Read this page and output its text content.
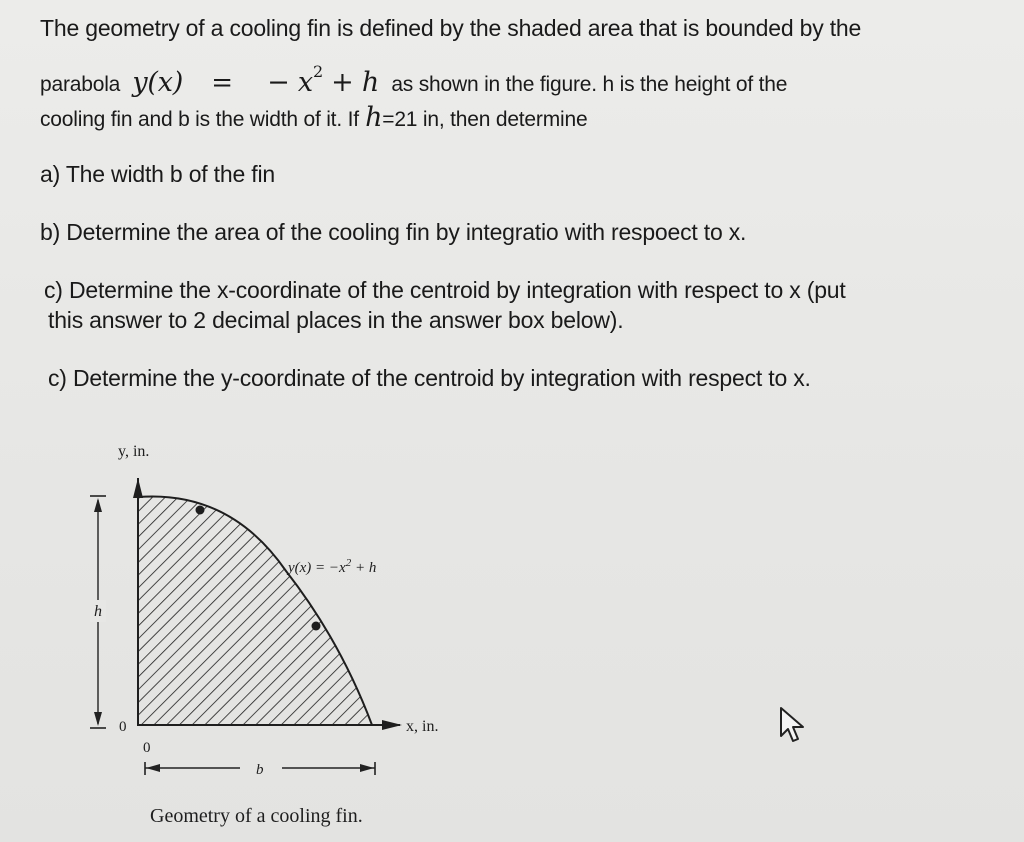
The geometry of a cooling fin is defined by the shaded area that is bounded by the
parabola y(x) = − $x^2 + h$ as shown in the figure. h is the height of the
cooling fin and b is the width of it. If h=21 in, then determine
a) The width b of the fin
b) Determine the area of the cooling fin by integratio with respoect to x.
c) Determine the x-coordinate of the centroid by integration with respect to x (put
this answer to 2 decimal places in the answer box below).
c) Determine the y-coordinate of the centroid by integration with respect to x.
y, in.
x, in.
$y(x) = -x^2 + h$
h
0
0
b
Geometry of a cooling fin.
